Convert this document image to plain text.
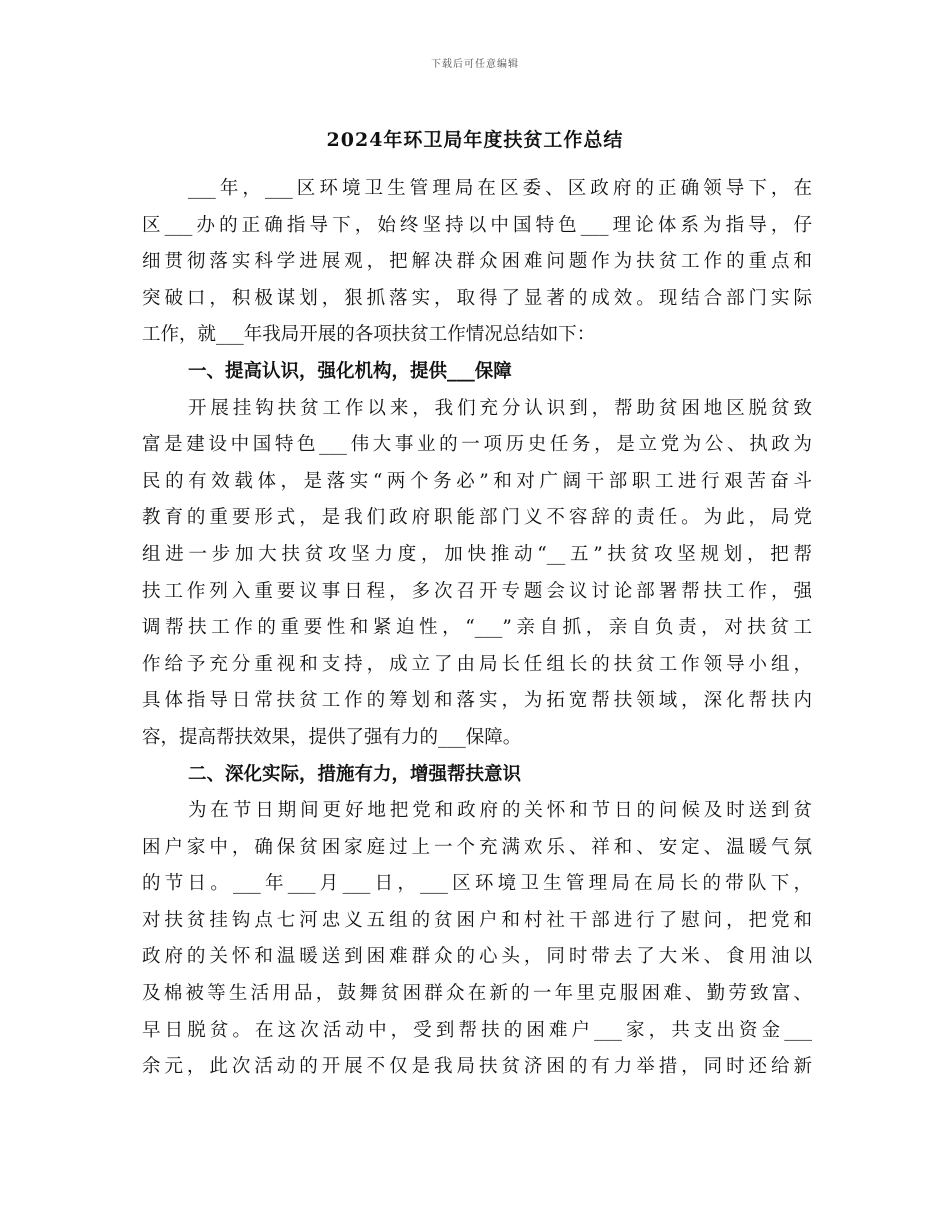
下载后可任意编辑
2024年环卫局年度扶贫工作总结
___年，___区环境卫生管理局在区委、区政府的正确领导下，在
区___办的正确指导下，始终坚持以中国特色___理论体系为指导，仔
细贯彻落实科学进展观，把解决群众困难问题作为扶贫工作的重点和
突破口，积极谋划，狠抓落实，取得了显著的成效。现结合部门实际
工作，就___年我局开展的各项扶贫工作情况总结如下：
一、提高认识，强化机构，提供___保障
开展挂钩扶贫工作以来，我们充分认识到，帮助贫困地区脱贫致
富是建设中国特色___伟大事业的一项历史任务，是立党为公、执政为
民的有效载体，是落实“两个务必”和对广阔干部职工进行艰苦奋斗
教育的重要形式，是我们政府职能部门义不容辞的责任。为此，局党
组进一步加大扶贫攻坚力度，加快推动“__五”扶贫攻坚规划，把帮
扶工作列入重要议事日程，多次召开专题会议讨论部署帮扶工作，强
调帮扶工作的重要性和紧迫性，“___”亲自抓，亲自负责，对扶贫工
作给予充分重视和支持，成立了由局长任组长的扶贫工作领导小组，
具体指导日常扶贫工作的筹划和落实，为拓宽帮扶领域，深化帮扶内
容，提高帮扶效果，提供了强有力的___保障。
二、深化实际，措施有力，增强帮扶意识
为在节日期间更好地把党和政府的关怀和节日的问候及时送到贫
困户家中，确保贫困家庭过上一个充满欢乐、祥和、安定、温暖气氛
的节日。___年___月___日，___区环境卫生管理局在局长的带队下，
对扶贫挂钩点七河忠义五组的贫困户和村社干部进行了慰问，把党和
政府的关怀和温暖送到困难群众的心头，同时带去了大米、食用油以
及棉被等生活用品，鼓舞贫困群众在新的一年里克服困难、勤劳致富、
早日脱贫。在这次活动中，受到帮扶的困难户___家，共支出资金___
余元，此次活动的开展不仅是我局扶贫济困的有力举措，同时还给新
